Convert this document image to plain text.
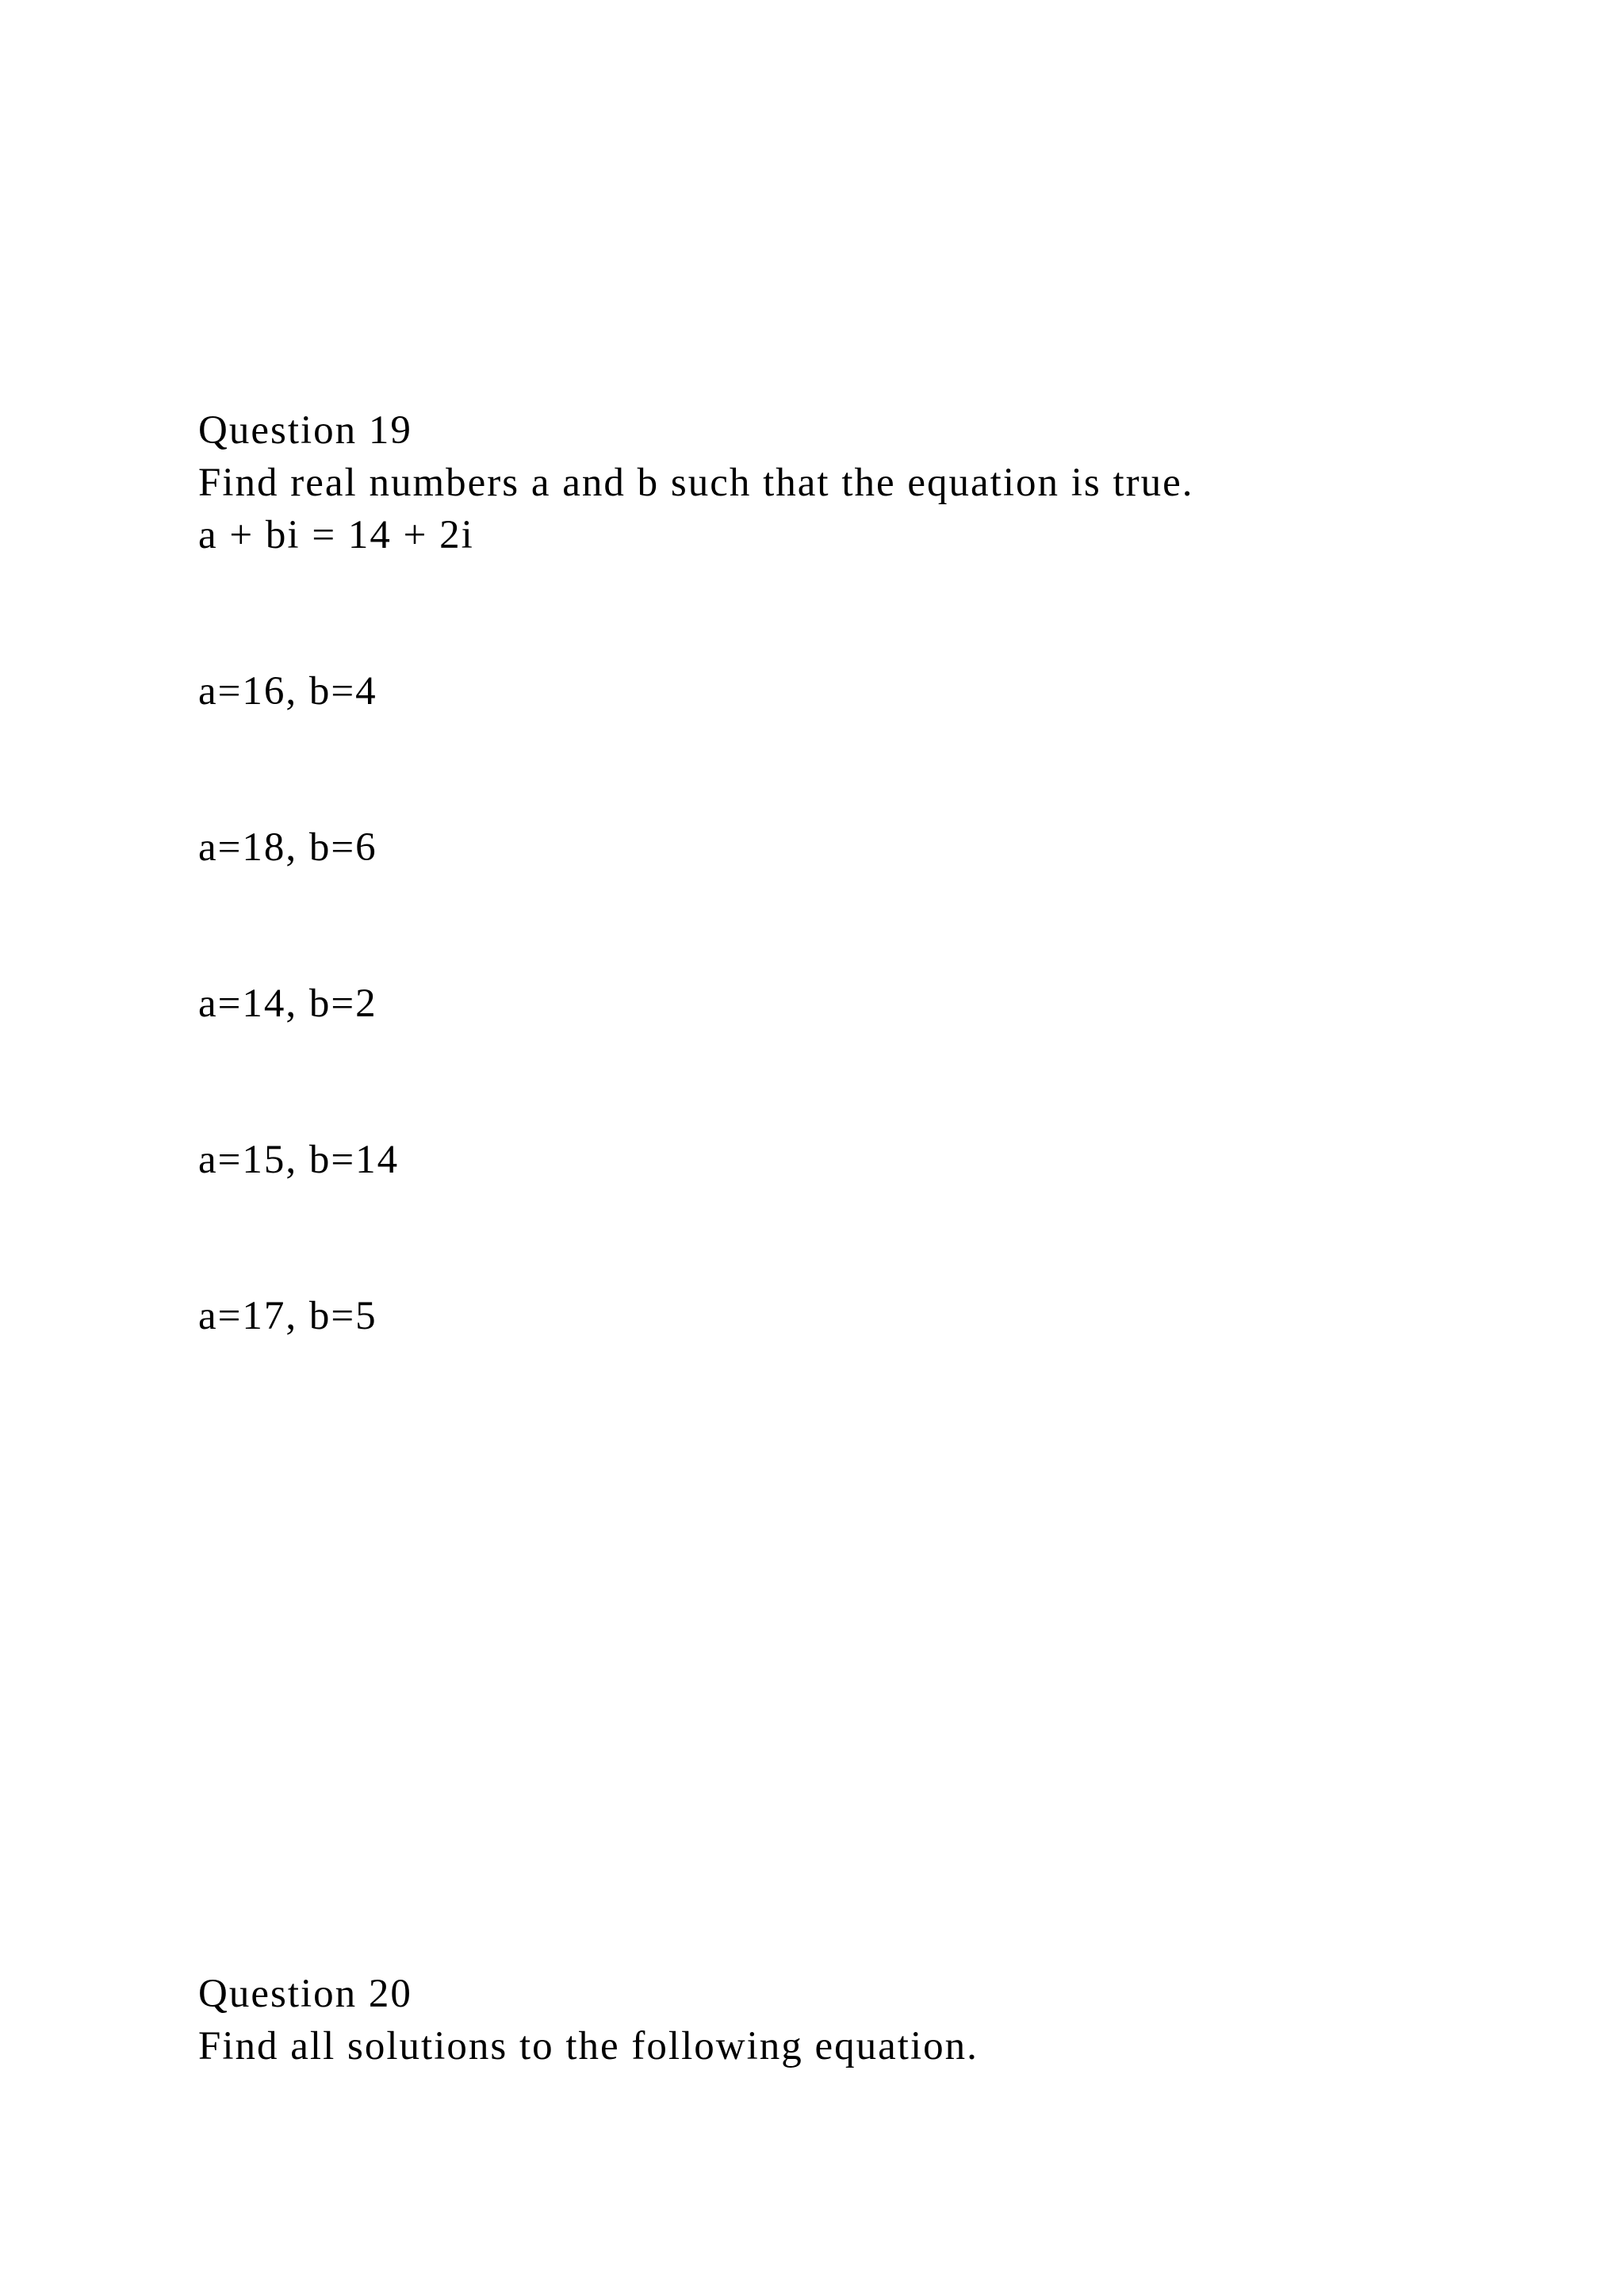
Question 19
Find real numbers a and b such that the equation is true.
a + bi = 14 + 2i
a=16, b=4
a=18, b=6
a=14, b=2
a=15, b=14
a=17, b=5
Question 20
Find all solutions to the following equation.
